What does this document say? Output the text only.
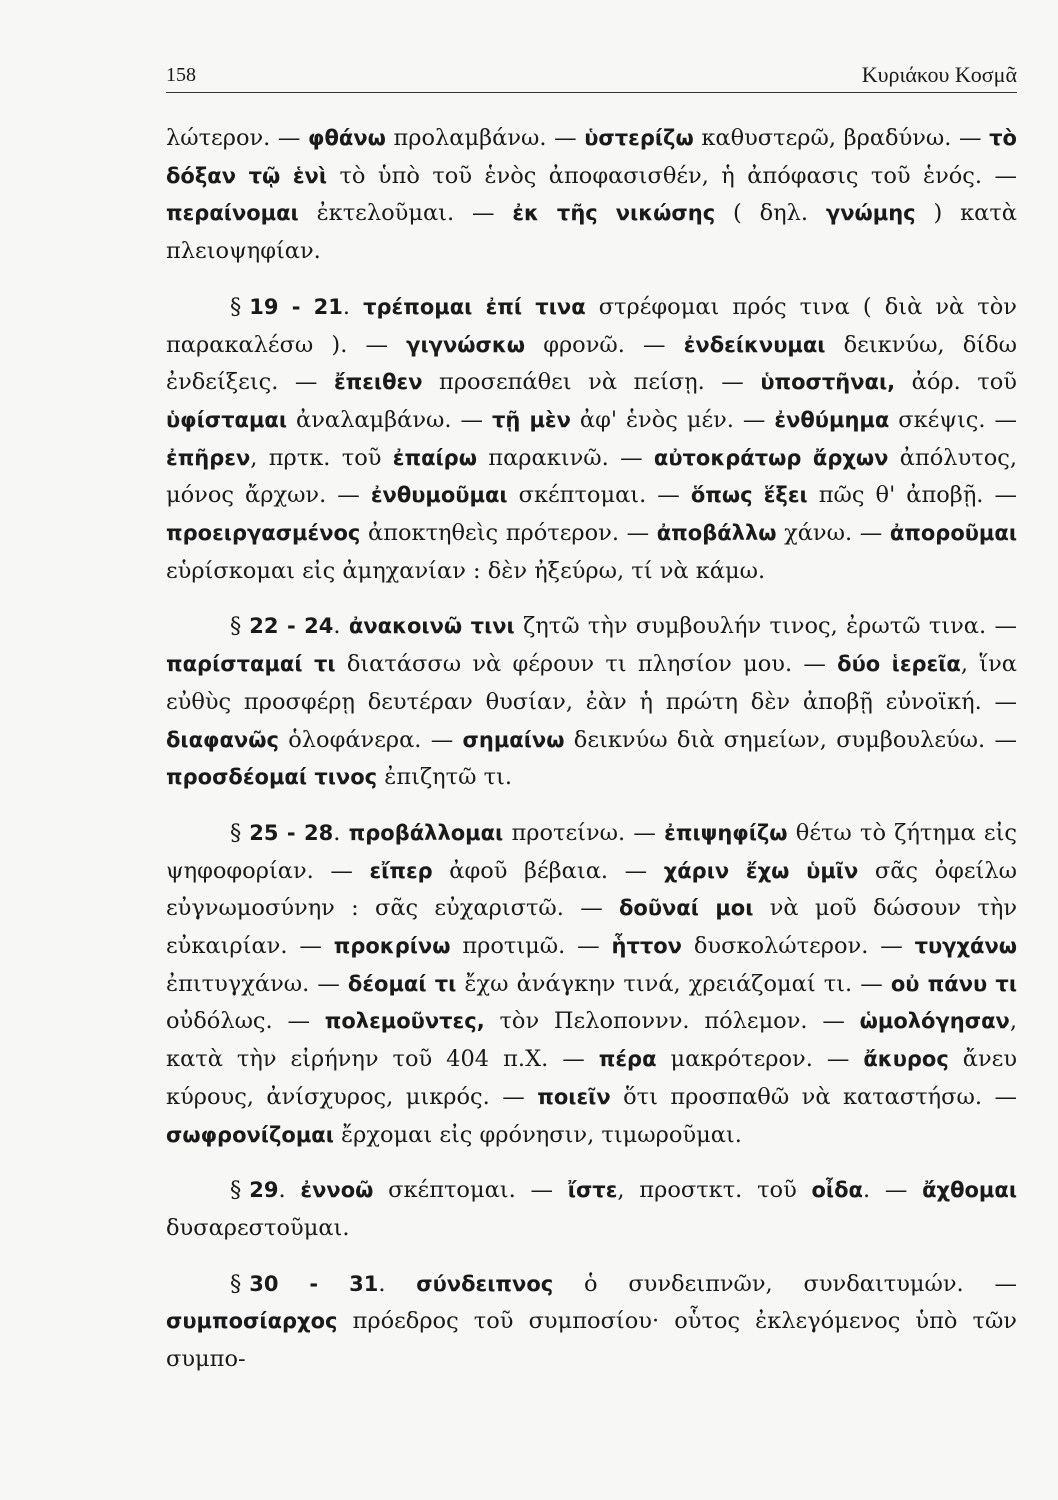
158	Κυριάκου Κοσμᾶ

λώτερον. — φθάνω προλαμβάνω. — ὑστερίζω καθυστερῶ, βραδύνω. — τὸ δόξαν τῷ ἑνὶ τὸ ὑπὸ τοῦ ἑνὸς ἀποφασισθέν, ἡ ἀπόφασις τοῦ ἑνός. — περαίνομαι ἐκτελοῦμαι. — ἐκ τῆς νικώσης ( δηλ. γνώμης ) κατὰ πλειοψηφίαν.

§ 19 - 21. τρέπομαι ἐπί τινα στρέφομαι πρός τινα ( διὰ νὰ τὸν παρακαλέσω ). — γιγνώσκω φρονῶ. — ἐνδείκνυμαι δεικνύω, δίδω ἐνδείξεις. — ἔπειθεν προσεπάθει νὰ πείσῃ. — ὑποστῆναι, ἀόρ. τοῦ ὑφίσταμαι ἀναλαμβάνω. — τῇ μὲν ἀφ' ἑνὸς μέν. — ἐνθύμημα σκέψις. — ἐπῆρεν, πρτκ. τοῦ ἐπαίρω παρακινῶ. — αὐτοκράτωρ ἄρχων ἀπόλυτος, μόνος ἄρχων. — ἐνθυμοῦμαι σκέπτομαι. — ὅπως ἕξει πῶς θ' ἀποβῇ. — προειργασμένος ἀποκτηθεὶς πρότερον. — ἀποβάλλω χάνω. — ἀποροῦμαι εὑρίσκομαι εἰς ἀμηχανίαν : δὲν ἠξεύρω, τί νὰ κάμω.

§ 22 - 24. ἀνακοινῶ τινι ζητῶ τὴν συμβουλήν τινος, ἐρωτῶ τινα. — παρίσταμαί τι διατάσσω νὰ φέρουν τι πλησίον μου. — δύο ἱερεῖα, ἵνα εὐθὺς προσφέρῃ δευτέραν θυσίαν, ἐὰν ἡ πρώτη δὲν ἀποβῇ εὐνοϊκή. — διαφανῶς ὁλοφάνερα. — σημαίνω δεικνύω διὰ σημείων, συμβουλεύω. — προσδέομαί τινος ἐπιζητῶ τι.

§ 25 - 28. προβάλλομαι προτείνω. — ἐπιψηφίζω θέτω τὸ ζήτημα εἰς ψηφοφορίαν. — εἴπερ ἀφοῦ βέβαια. — χάριν ἔχω ὑμῖν σᾶς ὀφείλω εὐγνωμοσύνην : σᾶς εὐχαριστῶ. — δοῦναί μοι νὰ μοῦ δώσουν τὴν εὐκαιρίαν. — προκρίνω προτιμῶ. — ἧττον δυσκολώτερον. — τυγχάνω ἐπιτυγχάνω. — δέομαί τι ἔχω ἀνάγκην τινά, χρειάζομαί τι. — οὐ πάνυ τι οὐδόλως. — πολεμοῦντες, τὸν Πελοποννν. πόλεμον. — ὡμολόγησαν, κατὰ τὴν εἰρήνην τοῦ 404 π.Χ. — πέρα μακρότερον. — ἄκυρος ἄνευ κύρους, ἀνίσχυρος, μικρός. — ποιεῖν ὅτι προσπαθῶ νὰ καταστήσω. — σωφρονίζομαι ἔρχομαι εἰς φρόνησιν, τιμωροῦμαι.

§ 29. ἐννοῶ σκέπτομαι. — ἴστε, προστκτ. τοῦ οἶδα. — ἄχθομαι δυσαρεστοῦμαι.

§ 30 - 31. σύνδειπνος ὁ συνδειπνῶν, συνδαιτυμών. — συμποσίαρχος πρόεδρος τοῦ συμποσίου· οὗτος ἐκλεγόμενος ὑπὸ τῶν συμπο-
